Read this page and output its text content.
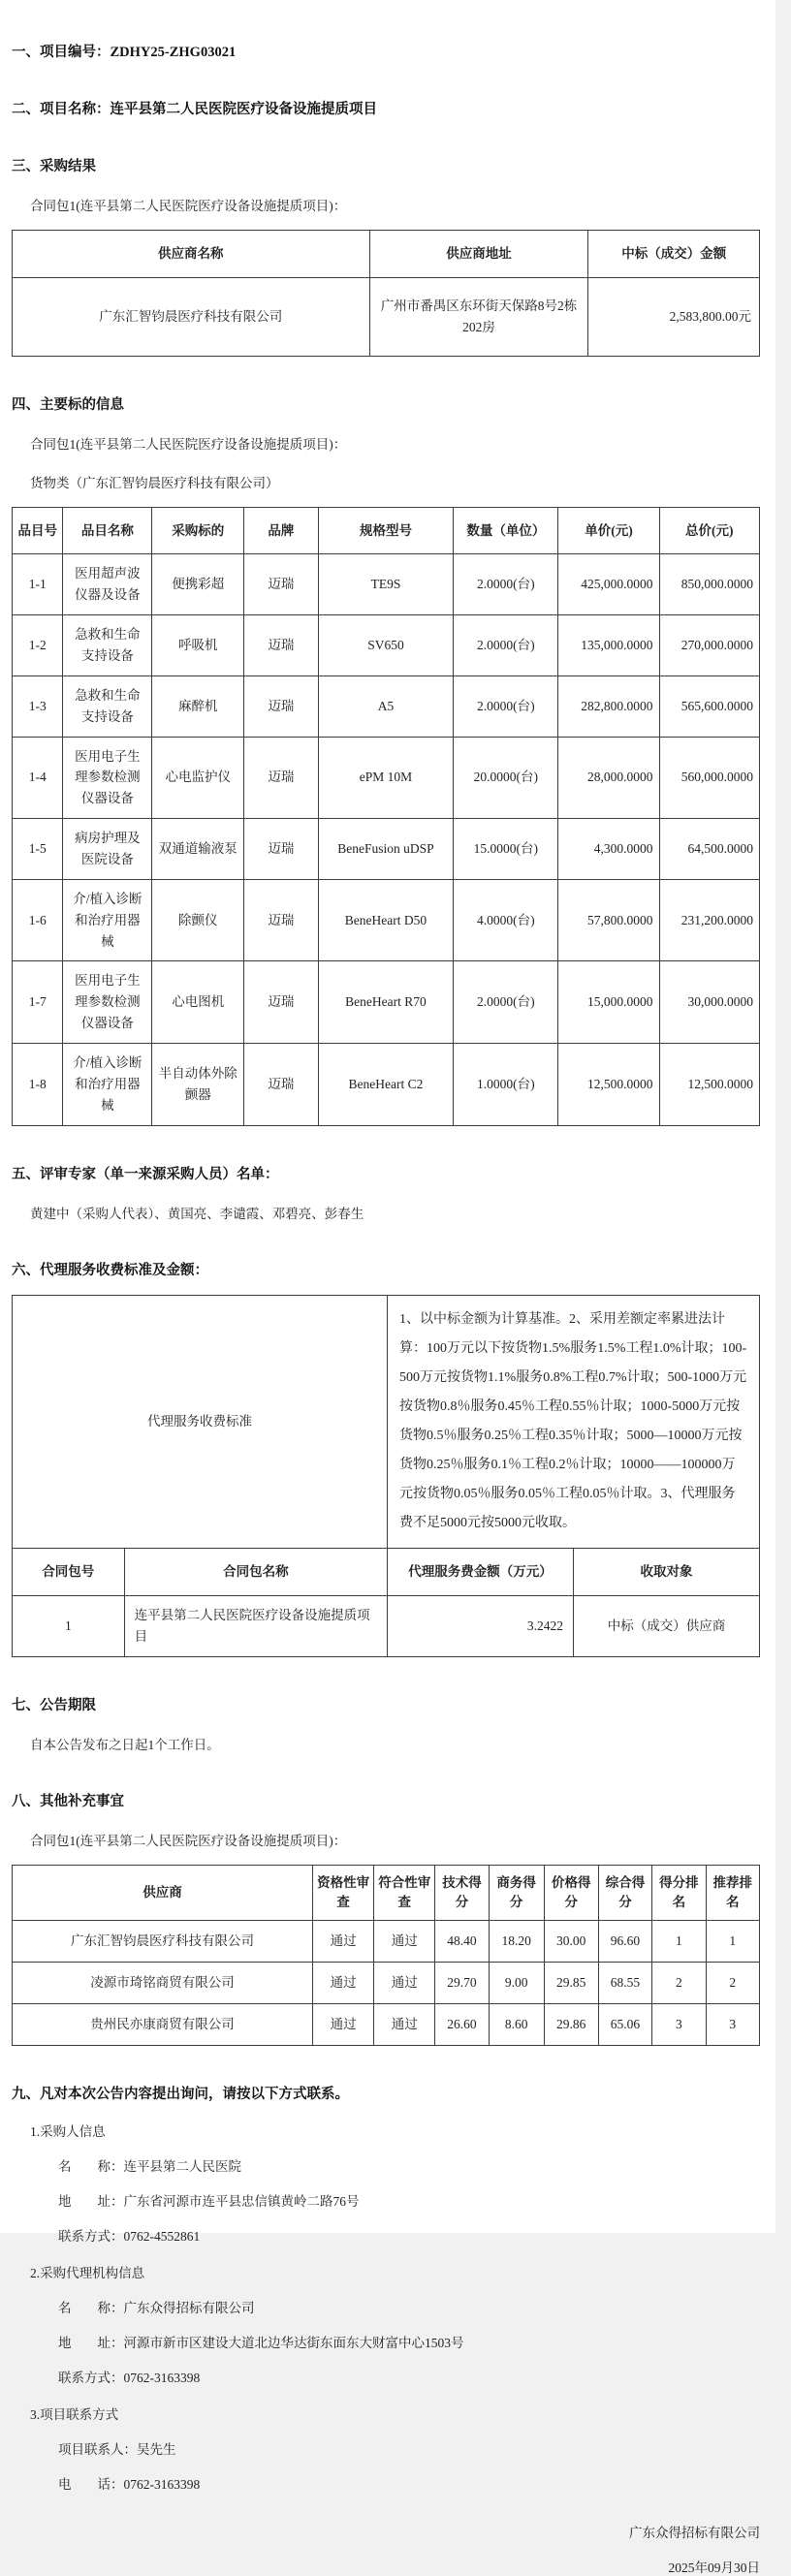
一、项目编号：ZDHY25-ZHG03021
二、项目名称：连平县第二人民医院医疗设备设施提质项目
三、采购结果
合同包1(连平县第二人民医院医疗设备设施提质项目)：
供应商名称	供应商地址	中标（成交）金额
广东汇智钧晨医疗科技有限公司	广州市番禺区东环街天保路8号2栋202房	2,583,800.00元
四、主要标的信息
合同包1(连平县第二人民医院医疗设备设施提质项目)：
货物类（广东汇智钧晨医疗科技有限公司）
品目号	品目名称	采购标的	品牌	规格型号	数量（单位）	单价(元)	总价(元)
1-1	医用超声波仪器及设备	便携彩超	迈瑞	TE9S	2.0000(台)	425,000.0000	850,000.0000
1-2	急救和生命支持设备	呼吸机	迈瑞	SV650	2.0000(台)	135,000.0000	270,000.0000
1-3	急救和生命支持设备	麻醉机	迈瑞	A5	2.0000(台)	282,800.0000	565,600.0000
1-4	医用电子生理参数检测仪器设备	心电监护仪	迈瑞	ePM 10M	20.0000(台)	28,000.0000	560,000.0000
1-5	病房护理及医院设备	双通道输液泵	迈瑞	BeneFusion uDSP	15.0000(台)	4,300.0000	64,500.0000
1-6	介/植入诊断和治疗用器械	除颤仪	迈瑞	BeneHeart D50	4.0000(台)	57,800.0000	231,200.0000
1-7	医用电子生理参数检测仪器设备	心电图机	迈瑞	BeneHeart R70	2.0000(台)	15,000.0000	30,000.0000
1-8	介/植入诊断和治疗用器械	半自动体外除颤器	迈瑞	BeneHeart C2	1.0000(台)	12,500.0000	12,500.0000
五、评审专家（单一来源采购人员）名单：
黄建中（采购人代表）、黄国亮、李谴霞、邓碧亮、彭春生
六、代理服务收费标准及金额：
代理服务收费标准		1、以中标金额为计算基准。2、采用差额定率累进法计算：100万元以下按货物1.5%服务1.5%工程1.0%计取；100-500万元按货物1.1%服务0.8%工程0.7%计取；500-1000万元按货物0.8％服务0.45％工程0.55％计取；1000-5000万元按货物0.5％服务0.25％工程0.35％计取；5000—10000万元按货物0.25％服务0.1％工程0.2％计取；10000——100000万元按货物0.05％服务0.05％工程0.05％计取。3、代理服务费不足5000元按5000元收取。	
合同包号	合同包名称	代理服务费金额（万元）	收取对象
1	连平县第二人民医院医疗设备设施提质项目	3.2422	中标（成交）供应商
七、公告期限
自本公告发布之日起1个工作日。
八、其他补充事宜
合同包1(连平县第二人民医院医疗设备设施提质项目)：
供应商	资格性审查	符合性审查	技术得分	商务得分	价格得分	综合得分	得分排名	推荐排名
广东汇智钧晨医疗科技有限公司	通过	通过	48.40	18.20	30.00	96.60	1	1
凌源市琦铭商贸有限公司	通过	通过	29.70	9.00	29.85	68.55	2	2
贵州民亦康商贸有限公司	通过	通过	26.60	8.60	29.86	65.06	3	3
九、凡对本次公告内容提出询问，请按以下方式联系。
1.采购人信息
名　　称：连平县第二人民医院
地　　址：广东省河源市连平县忠信镇黄岭二路76号
联系方式：0762-4552861
2.采购代理机构信息
名　　称：广东众得招标有限公司
地　　址：河源市新市区建设大道北边华达街东面东大财富中心1503号
联系方式：0762-3163398
3.项目联系方式
项目联系人：吴先生
电　　话：0762-3163398
广东众得招标有限公司
2025年09月30日
